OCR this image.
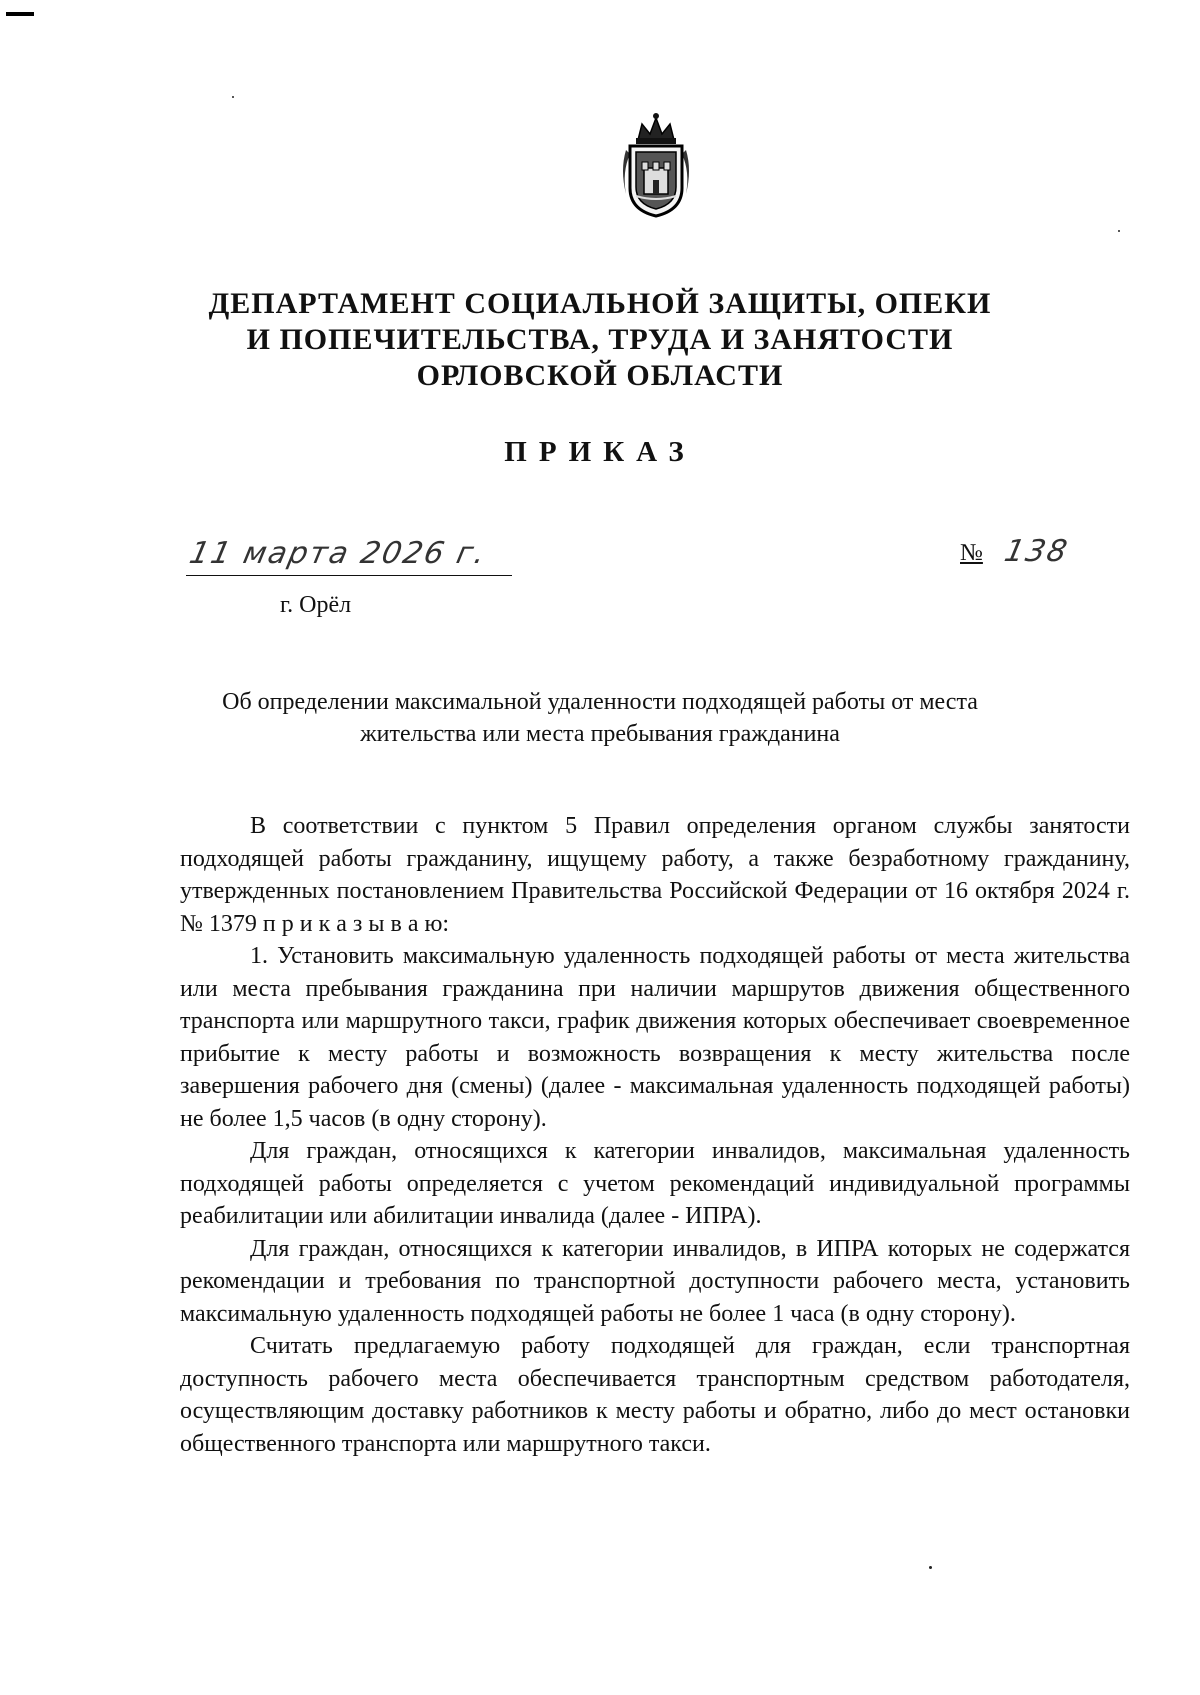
ДЕПАРТАМЕНТ СОЦИАЛЬНОЙ ЗАЩИТЫ, ОПЕКИ
И ПОПЕЧИТЕЛЬСТВА, ТРУДА И ЗАНЯТОСТИ
ОРЛОВСКОЙ ОБЛАСТИ
ПРИКАЗ
11 марта 2026 г.	№ 138
г. Орёл
Об определении максимальной удаленности подходящей работы от места
жительства или места пребывания гражданина

В соответствии с пунктом 5 Правил определения органом службы занятости подходящей работы гражданину, ищущему работу, а также безработному гражданину, утвержденных постановлением Правительства Российской Федерации от 16 октября 2024 г. № 1379 п р и к а з ы в а ю:

1. Установить максимальную удаленность подходящей работы от места жительства или места пребывания гражданина при наличии маршрутов движения общественного транспорта или маршрутного такси, график движения которых обеспечивает своевременное прибытие к месту работы и возможность возвращения к месту жительства после завершения рабочего дня (смены) (далее - максимальная удаленность подходящей работы) не более 1,5 часов (в одну сторону).

Для граждан, относящихся к категории инвалидов, максимальная удаленность подходящей работы определяется с учетом рекомендаций индивидуальной программы реабилитации или абилитации инвалида (далее - ИПРА).

Для граждан, относящихся к категории инвалидов, в ИПРА которых не содержатся рекомендации и требования по транспортной доступности рабочего места, установить максимальную удаленность подходящей работы не более 1 часа (в одну сторону).

Считать предлагаемую работу подходящей для граждан, если транспортная доступность рабочего места обеспечивается транспортным средством работодателя, осуществляющим доставку работников к месту работы и обратно, либо до мест остановки общественного транспорта или маршрутного такси.
